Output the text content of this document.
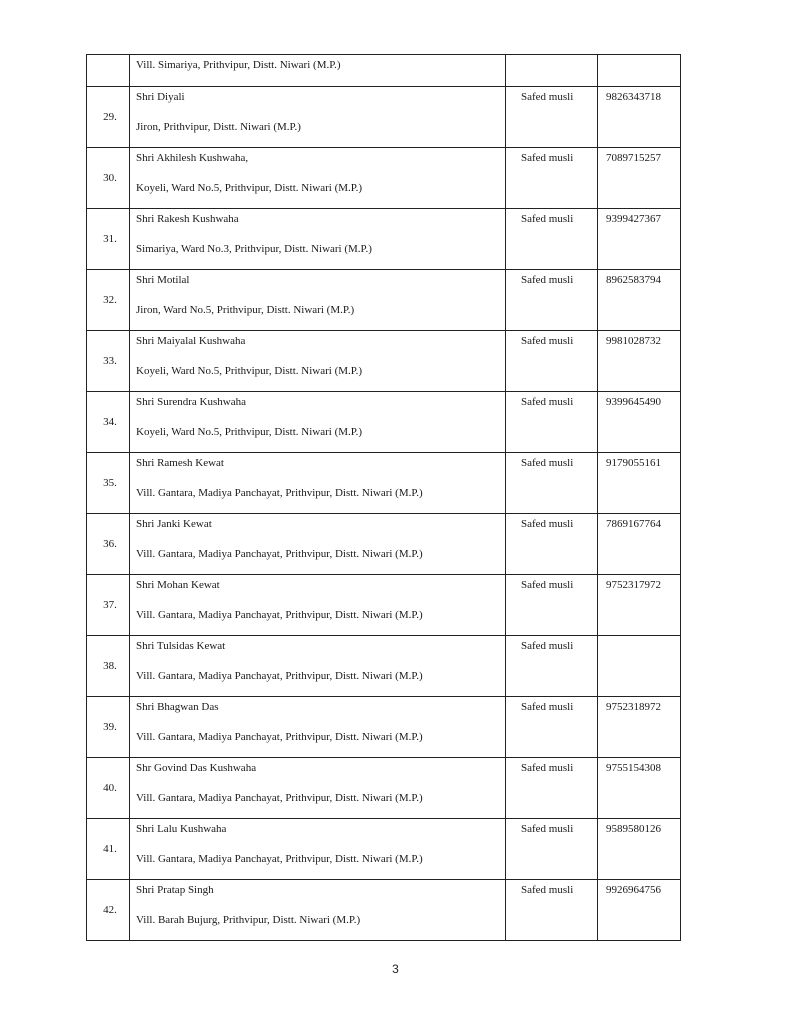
	Vill. Simariya, Prithvipur, Distt. Niwari (M.P.)		

29.	Shri Diyali
Jiron, Prithvipur, Distt. Niwari (M.P.)	Safed musli	9826343718

30.	Shri Akhilesh Kushwaha,
Koyeli, Ward No.5, Prithvipur, Distt. Niwari (M.P.)	Safed musli	7089715257

31.	Shri Rakesh Kushwaha
Simariya, Ward No.3, Prithvipur, Distt. Niwari (M.P.)	Safed musli	9399427367

32.	Shri Motilal
Jiron, Ward No.5, Prithvipur, Distt. Niwari (M.P.)	Safed musli	8962583794

33.	Shri Maiyalal Kushwaha
Koyeli, Ward No.5, Prithvipur, Distt. Niwari (M.P.)	Safed musli	9981028732

34.	Shri Surendra Kushwaha
Koyeli, Ward No.5, Prithvipur, Distt. Niwari (M.P.)	Safed musli	9399645490

35.	Shri Ramesh Kewat
Vill. Gantara, Madiya Panchayat, Prithvipur, Distt. Niwari (M.P.)	Safed musli	9179055161

36.	Shri Janki Kewat
Vill. Gantara, Madiya Panchayat, Prithvipur, Distt. Niwari (M.P.)	Safed musli	7869167764

37.	Shri Mohan Kewat
Vill. Gantara, Madiya Panchayat, Prithvipur, Distt. Niwari (M.P.)	Safed musli	9752317972

38.	Shri Tulsidas Kewat
Vill. Gantara, Madiya Panchayat, Prithvipur, Distt. Niwari (M.P.)	Safed musli	

39.	Shri Bhagwan Das
Vill. Gantara, Madiya Panchayat, Prithvipur, Distt. Niwari (M.P.)	Safed musli	9752318972

40.	Shr Govind Das Kushwaha
Vill. Gantara, Madiya Panchayat, Prithvipur, Distt. Niwari (M.P.)	Safed musli	9755154308

41.	Shri Lalu Kushwaha
Vill. Gantara, Madiya Panchayat, Prithvipur, Distt. Niwari (M.P.)	Safed musli	9589580126

42.	Shri Pratap Singh
Vill. Barah Bujurg, Prithvipur, Distt. Niwari (M.P.)	Safed musli	9926964756
3
